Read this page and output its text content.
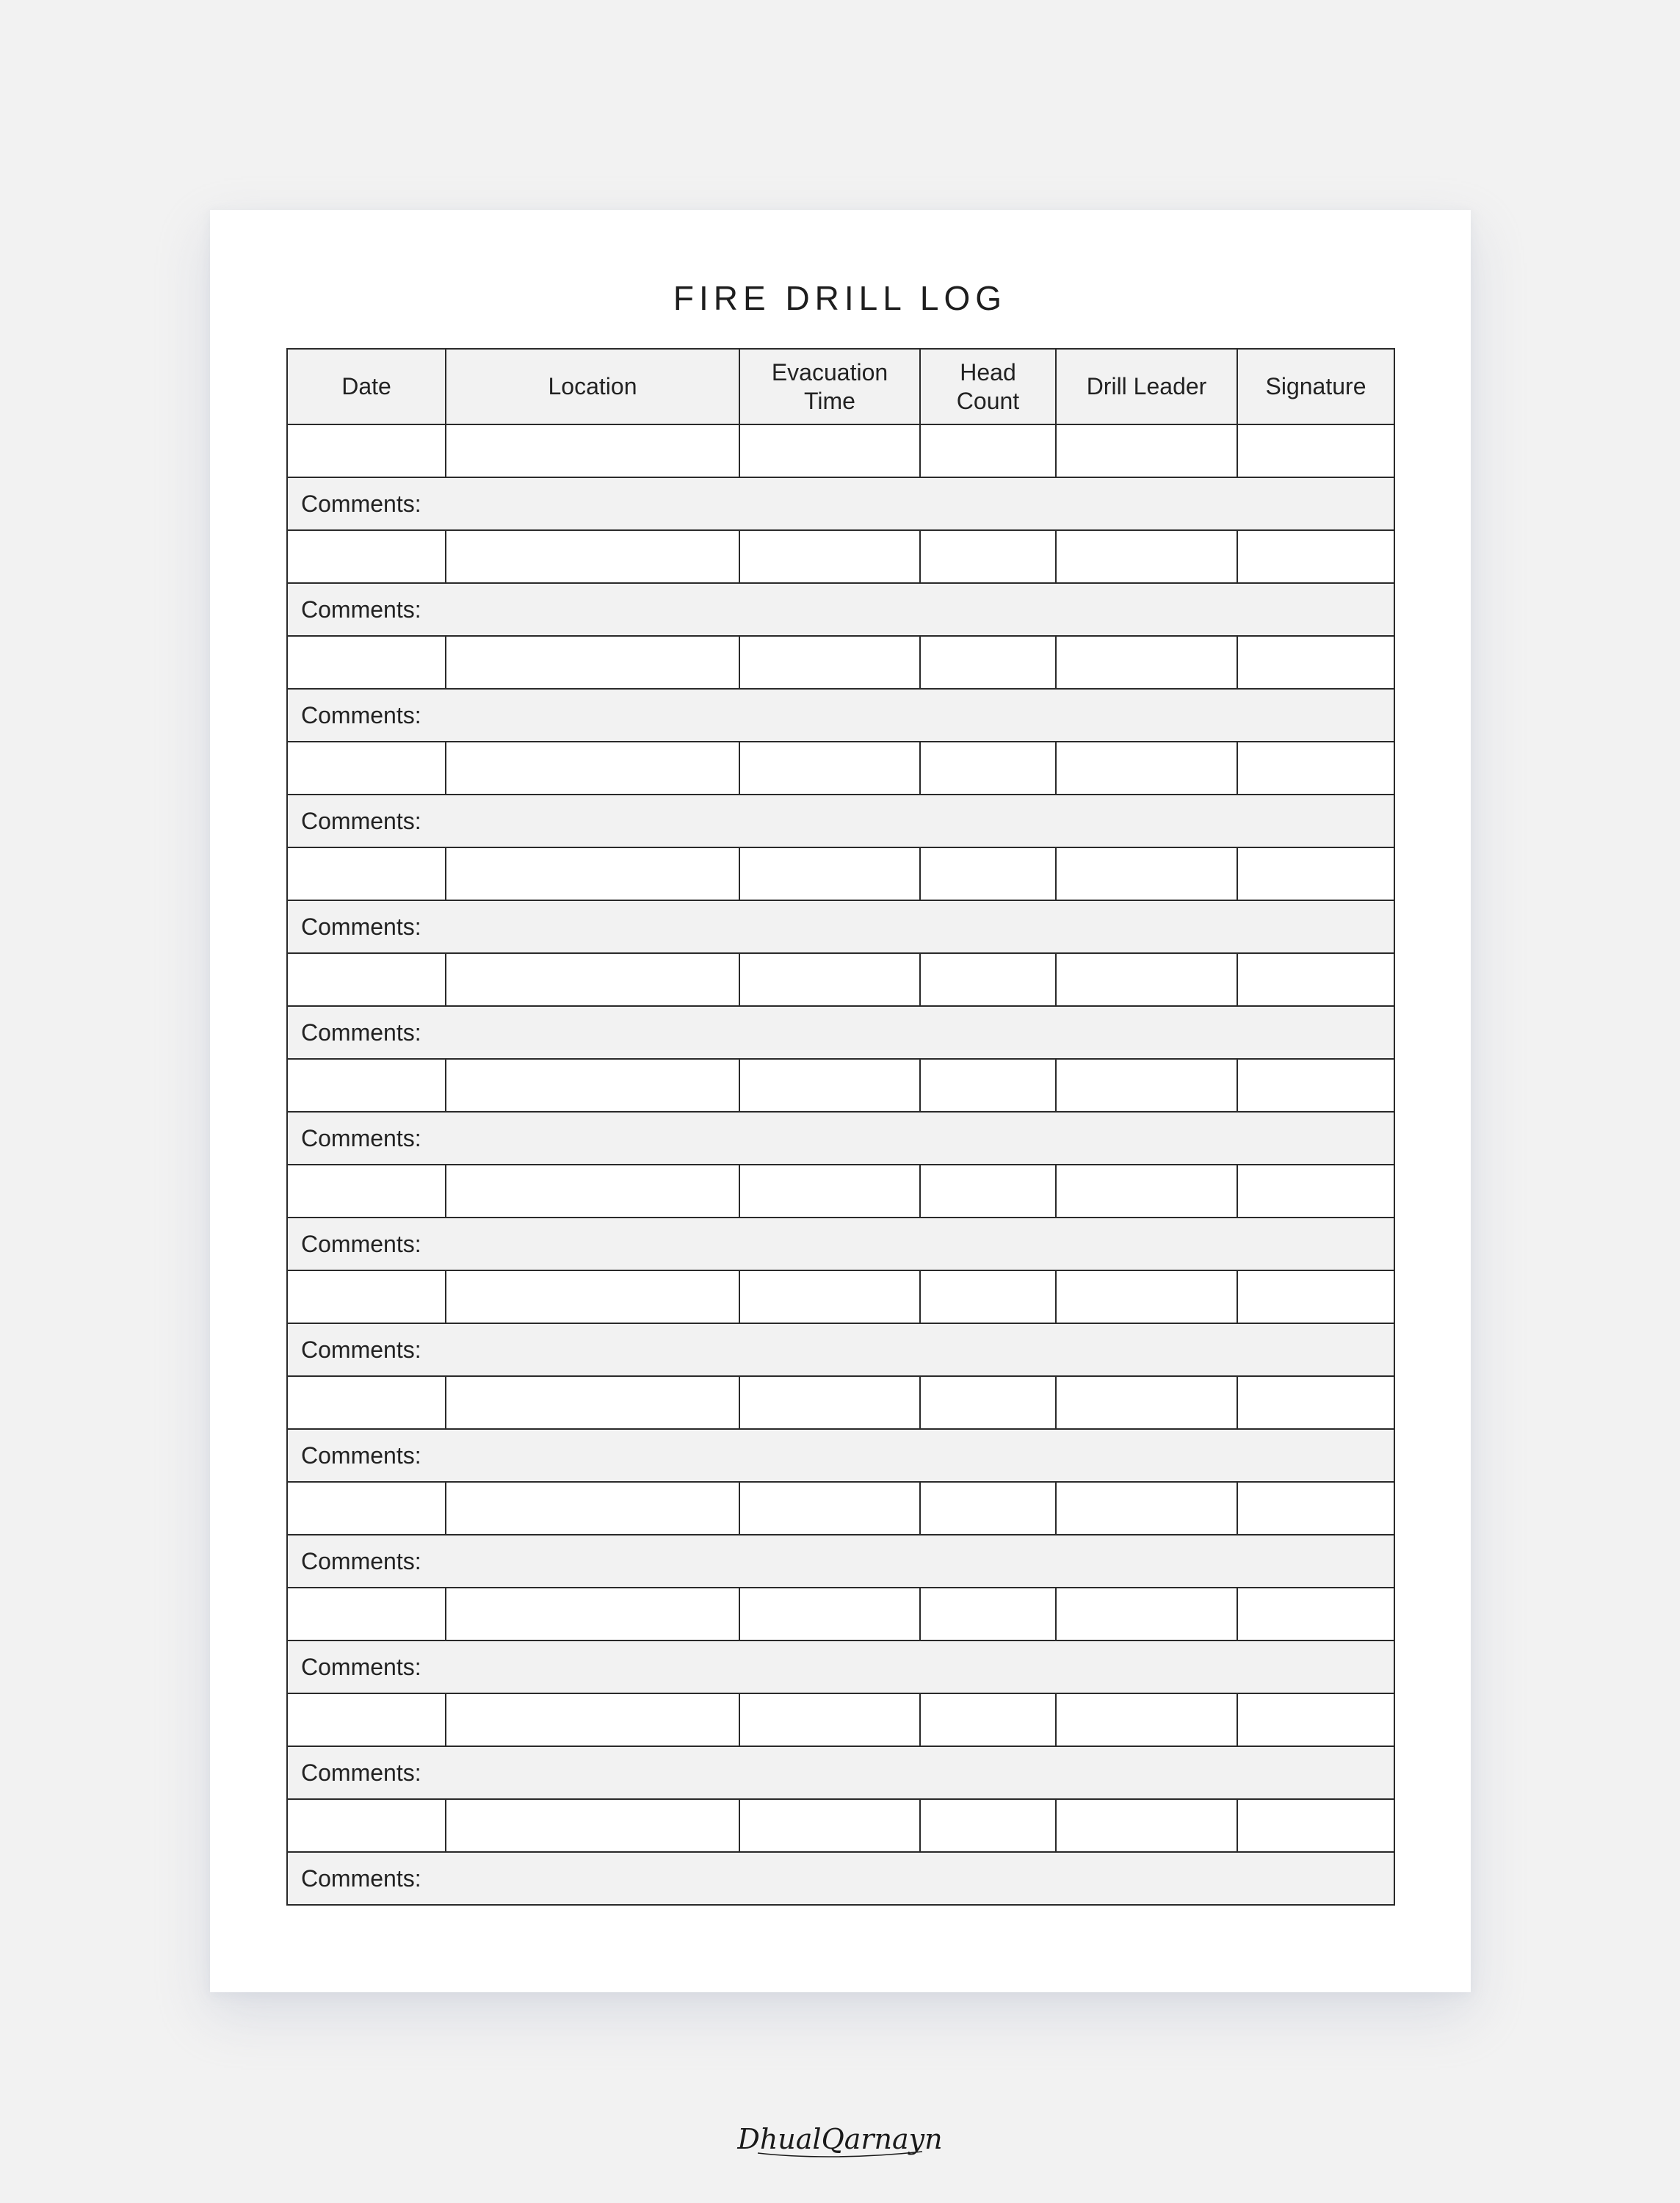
FIRE DRILL LOG
Date	Location	Evacuation Time	Head Count	Drill Leader	Signature

Comments:					

Comments:					

Comments:					

Comments:					

Comments:					

Comments:					

Comments:					

Comments:					

Comments:					

Comments:					

Comments:					

Comments:					

Comments:					

Comments:					
DhualQarnayn
